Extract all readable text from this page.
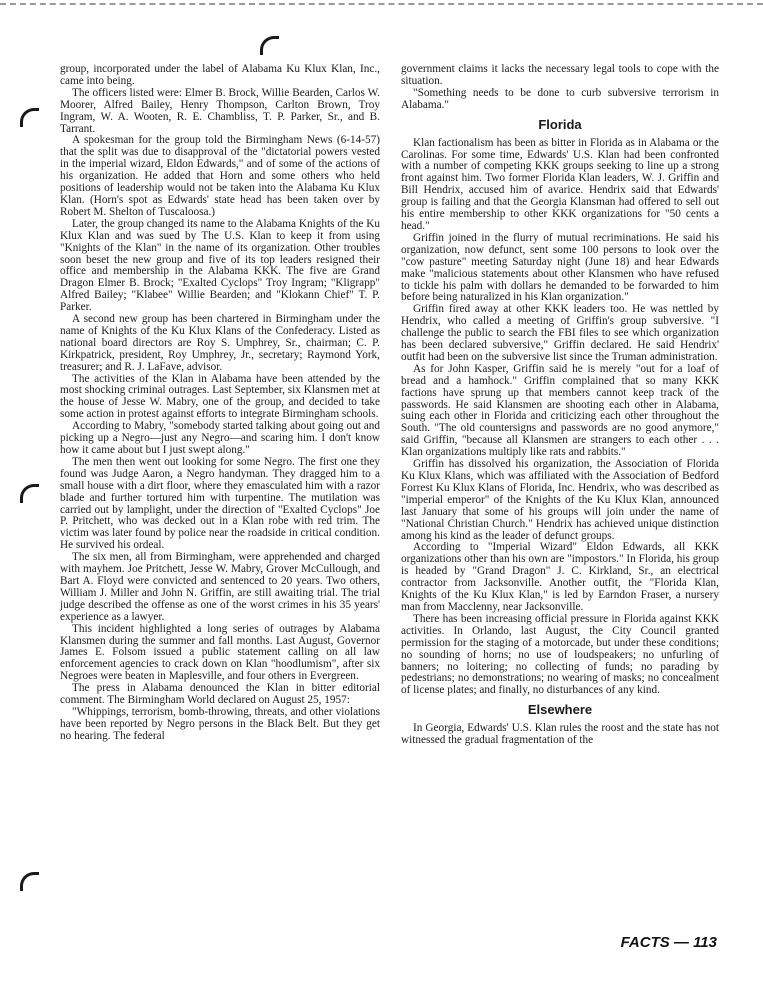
group, incorporated under the label of Alabama Ku Klux Klan, Inc., came into being.

The officers listed were: Elmer B. Brock, Willie Bearden, Carlos W. Moorer, Alfred Bailey, Henry Thompson, Carlton Brown, Troy Ingram, W. A. Wooten, R. E. Chambliss, T. P. Parker, Sr., and B. Tarrant.

A spokesman for the group told the Birmingham News (6-14-57) that the split was due to disapproval of the "dictatorial powers vested in the imperial wizard, Eldon Edwards," and of some of the actions of his organization. He added that Horn and some others who held positions of leadership would not be taken into the Alabama Ku Klux Klan. (Horn's spot as Edwards' state head has been taken over by Robert M. Shelton of Tuscaloosa.)

Later, the group changed its name to the Alabama Knights of the Ku Klux Klan and was sued by The U.S. Klan to keep it from using "Knights of the Klan" in the name of its organization. Other troubles soon beset the new group and five of its top leaders resigned their office and membership in the Alabama KKK. The five are Grand Dragon Elmer B. Brock; "Exalted Cyclops" Troy Ingram; "Kligrapp" Alfred Bailey; "Klabee" Willie Bearden; and "Klokann Chief" T. P. Parker.

A second new group has been chartered in Birmingham under the name of Knights of the Ku Klux Klans of the Confederacy. Listed as national board directors are Roy S. Umphrey, Sr., chairman; C. P. Kirkpatrick, president, Roy Umphrey, Jr., secretary; Raymond York, treasurer; and R. J. LaFave, advisor.

The activities of the Klan in Alabama have been attended by the most shocking criminal outrages. Last September, six Klansmen met at the house of Jesse W. Mabry, one of the group, and decided to take some action in protest against efforts to integrate Birmingham schools.

According to Mabry, "somebody started talking about going out and picking up a Negro—just any Negro—and scaring him. I don't know how it came about but I just swept along."

The men then went out looking for some Negro. The first one they found was Judge Aaron, a Negro handyman. They dragged him to a small house with a dirt floor, where they emasculated him with a razor blade and further tortured him with turpentine. The mutilation was carried out by lamplight, under the direction of "Exalted Cyclops" Joe P. Pritchett, who was decked out in a Klan robe with red trim. The victim was later found by police near the roadside in critical condition. He survived his ordeal.

The six men, all from Birmingham, were apprehended and charged with mayhem. Joe Pritchett, Jesse W. Mabry, Grover McCullough, and Bart A. Floyd were convicted and sentenced to 20 years. Two others, William J. Miller and John N. Griffin, are still awaiting trial. The trial judge described the offense as one of the worst crimes in his 35 years' experience as a lawyer.

This incident highlighted a long series of outrages by Alabama Klansmen during the summer and fall months. Last August, Governor James E. Folsom issued a public statement calling on all law enforcement agencies to crack down on Klan "hoodlumism", after six Negroes were beaten in Maplesville, and four others in Evergreen.

The press in Alabama denounced the Klan in bitter editorial comment. The Birmingham World declared on August 25, 1957:

"Whippings, terrorism, bomb-throwing, threats, and other violations have been reported by Negro persons in the Black Belt. But they get no hearing. The federal

government claims it lacks the necessary legal tools to cope with the situation.

"Something needs to be done to curb subversive terrorism in Alabama."

Florida

Klan factionalism has been as bitter in Florida as in Alabama or the Carolinas. For some time, Edwards' U.S. Klan had been confronted with a number of competing KKK groups seeking to line up a strong front against him. Two former Florida Klan leaders, W. J. Griffin and Bill Hendrix, accused him of avarice. Hendrix said that Edwards' group is failing and that the Georgia Klansman had offered to sell out his entire membership to other KKK organizations for "50 cents a head."

Griffin joined in the flurry of mutual recriminations. He said his organization, now defunct, sent some 100 persons to look over the "cow pasture" meeting Saturday night (June 18) and hear Edwards make "malicious statements about other Klansmen who have refused to tickle his palm with dollars he demanded to be forwarded to him before being naturalized in his Klan organization."

Griffin fired away at other KKK leaders too. He was nettled by Hendrix, who called a meeting of Griffin's group subversive. "I challenge the public to search the FBI files to see which organization has been declared subversive," Griffin declared. He said Hendrix' outfit had been on the subversive list since the Truman administration.

As for John Kasper, Griffin said he is merely "out for a loaf of bread and a hamhock." Griffin complained that so many KKK factions have sprung up that members cannot keep track of the passwords. He said Klansmen are shooting each other in Alabama, suing each other in Florida and criticizing each other throughout the South. "The old countersigns and passwords are no good anymore," said Griffin, "because all Klansmen are strangers to each other . . . Klan organizations multiply like rats and rabbits."

Griffin has dissolved his organization, the Association of Florida Ku Klux Klans, which was affiliated with the Association of Bedford Forrest Ku Klux Klans of Florida, Inc. Hendrix, who was described as "imperial emperor" of the Knights of the Ku Klux Klan, announced last January that some of his groups will join under the name of "National Christian Church." Hendrix has achieved unique distinction among his kind as the leader of defunct groups.

According to "Imperial Wizard" Eldon Edwards, all KKK organizations other than his own are "impostors." In Florida, his group is headed by "Grand Dragon" J. C. Kirkland, Sr., an electrical contractor from Jacksonville. Another outfit, the "Florida Klan, Knights of the Ku Klux Klan," is led by Earndon Fraser, a nursery man from Macclenny, near Jacksonville.

There has been increasing official pressure in Florida against KKK activities. In Orlando, last August, the City Council granted permission for the staging of a motorcade, but under these conditions; no sounding of horns; no use of loudspeakers; no unfurling of banners; no loitering; no collecting of funds; no parading by pedestrians; no demonstrations; no wearing of masks; no concealment of license plates; and finally, no disturbances of any kind.

Elsewhere

In Georgia, Edwards' U.S. Klan rules the roost and the state has not witnessed the gradual fragmentation of the

FACTS — 113
